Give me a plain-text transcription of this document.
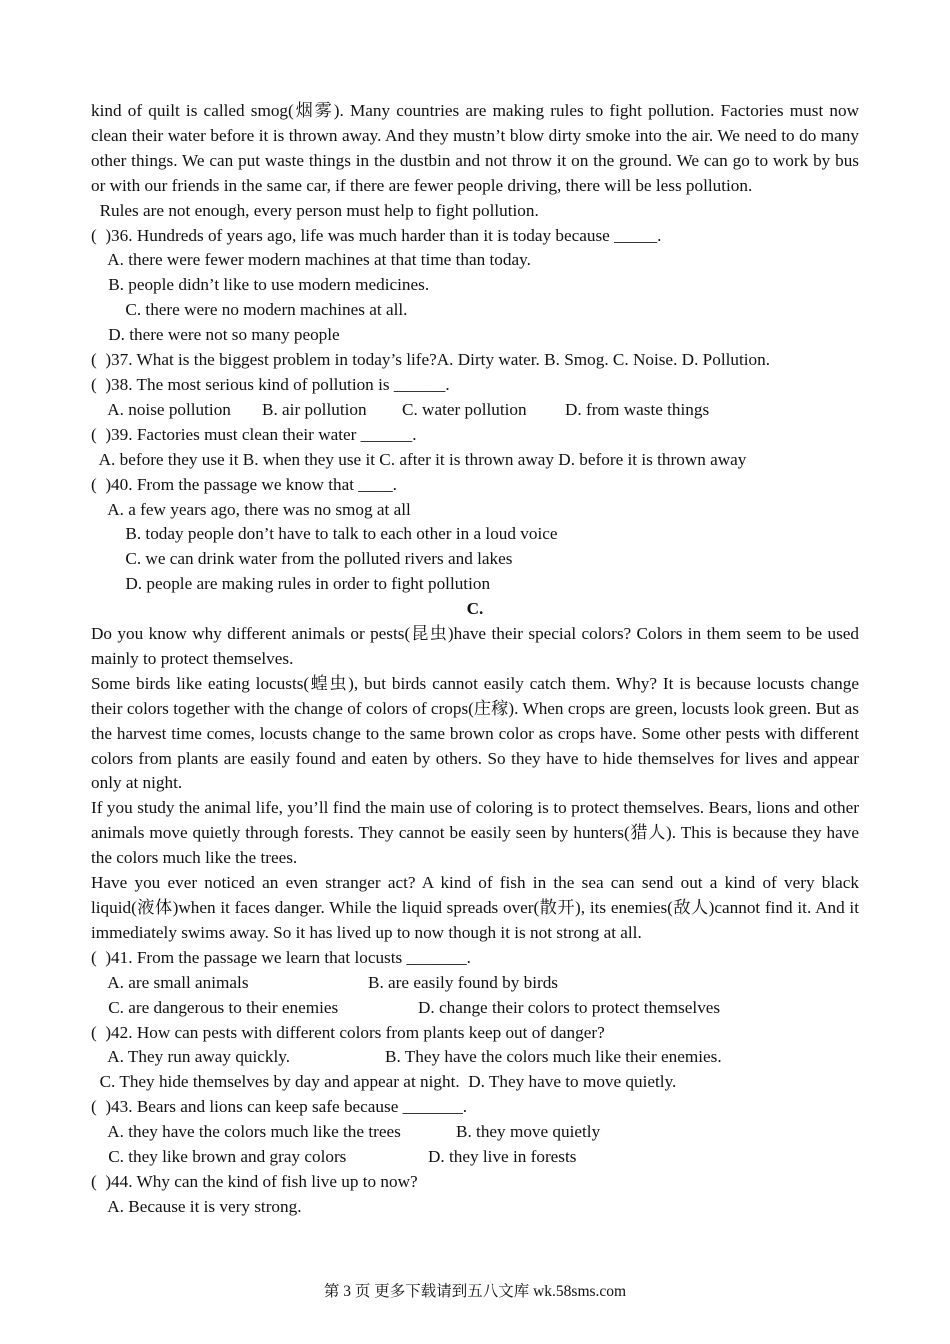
kind of quilt is called smog(烟雾). Many countries are making rules to fight pollution. Factories must now clean their water before it is thrown away. And they mustn’t blow dirty smoke into the air. We need to do many other things. We can put waste things in the dustbin and not throw it on the ground. We can go to work by bus or with our friends in the same car, if there are fewer people driving, there will be less pollution.

Rules are not enough, every person must help to fight pollution.

(  )36. Hundreds of years ago, life was much harder than it is today because _____.

A. there were fewer modern machines at that time than today.

B. people didn’t like to use modern medicines.

C. there were no modern machines at all.

D. there were not so many people

(  )37. What is the biggest problem in today’s life?A. Dirty water. B. Smog. C. Noise. D. Pollution.

(  )38. The most serious kind of pollution is ______.

A. noise pollution	B. air pollution	C. water pollution	D. from waste things

(  )39. Factories must clean their water ______.

A. before they use it B. when they use it C. after it is thrown away D. before it is thrown away

(  )40. From the passage we know that ____.

A. a few years ago, there was no smog at all

B. today people don’t have to talk to each other in a loud voice

C. we can drink water from the polluted rivers and lakes

D. people are making rules in order to fight pollution

C.

Do you know why different animals or pests(昆虫)have their special colors? Colors in them seem to be used mainly to protect themselves.

Some birds like eating locusts(蝗虫), but birds cannot easily catch them. Why? It is because locusts change their colors together with the change of colors of crops(庄稼). When crops are green, locusts look green. But as the harvest time comes, locusts change to the same brown color as crops have. Some other pests with different colors from plants are easily found and eaten by others. So they have to hide themselves for lives and appear only at night.

If you study the animal life, you’ll find the main use of coloring is to protect themselves. Bears, lions and other animals move quietly through forests. They cannot be easily seen by hunters(猎人). This is because they have the colors much like the trees.

Have you ever noticed an even stranger act? A kind of fish in the sea can send out a kind of very black liquid(液体)when it faces danger. While the liquid spreads over(散开), its enemies(敌人)cannot find it. And it immediately swims away. So it has lived up to now though it is not strong at all.

(  )41. From the passage we learn that locusts _______.

A. are small animals	B. are easily found by birds
C. are dangerous to their enemies	D. change their colors to protect themselves

(  )42. How can pests with different colors from plants keep out of danger?

A. They run away quickly.	B. They have the colors much like their enemies.

C. They hide themselves by day and appear at night.  D. They have to move quietly.

(  )43. Bears and lions can keep safe because _______.

A. they have the colors much like the trees	B. they move quietly
C. they like brown and gray colors	D. they live in forests

(  )44. Why can the kind of fish live up to now?

A. Because it is very strong.

第 3 页 更多下载请到五八文库 wk.58sms.com
